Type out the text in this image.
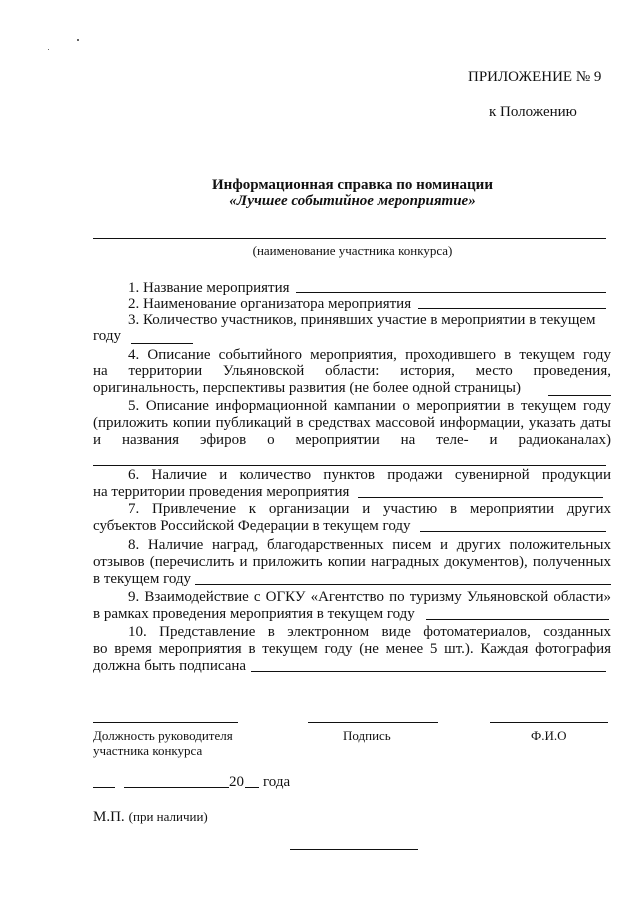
ПРИЛОЖЕНИЕ № 9
к Положению
Информационная справка по номинации
«Лучшее событийное мероприятие»
(наименование участника конкурса)
1. Название мероприятия
2. Наименование организатора мероприятия
3. Количество участников, принявших участие в мероприятии в текущем
году
4. Описание событийного мероприятия, проходившего в текущем году
на территории Ульяновской области: история, место проведения,
оригинальность, перспективы развития (не более одной страницы)
5. Описание информационной кампании о мероприятии в текущем году
(приложить копии публикаций в средствах массовой информации, указать даты
и названия эфиров о мероприятии на теле- и радиоканалах)
6. Наличие и количество пунктов продажи сувенирной продукции
на территории проведения мероприятия
7. Привлечение к организации и участию в мероприятии других
субъектов Российской Федерации в текущем году
8. Наличие наград, благодарственных писем и других положительных
отзывов (перечислить и приложить копии наградных документов), полученных
в текущем году
9. Взаимодействие с ОГКУ «Агентство по туризму Ульяновской области»
в рамках проведения мероприятия в текущем году
10. Представление в электронном виде фотоматериалов, созданных
во время мероприятия в текущем году (не менее 5 шт.). Каждая фотография
должна быть подписана
Должность руководителя
участника конкурса
Подпись	Ф.И.О
20 года
М.П. (при наличии)
